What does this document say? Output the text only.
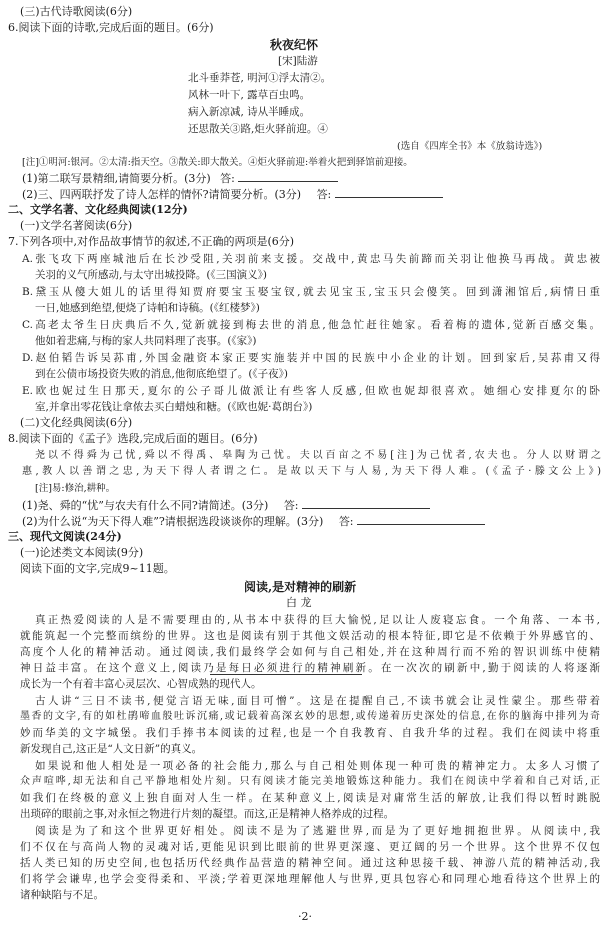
(三)古代诗歌阅读(6分)
6.阅读下面的诗歌,完成后面的题目。(6分)
秋夜纪怀
[宋]陆游
北斗垂莽苍, 明河①浮太清②。
风林一叶下, 露草百虫鸣。
病入新凉减, 诗从半睡成。
还思散关③路,炬火驿前迎。④
(选自《四库全书》本《放翁诗选》)
[注]①明河:银河。②太清:指天空。③散关:即大散关。④炬火驿前迎:举着火把到驿馆前迎接。
(1)第二联写景精细,请简要分析。(3分) 答:
(2)三、四两联抒发了诗人怎样的情怀?请简要分析。(3分) 答:
二、文学名著、文化经典阅读(12分)
(一)文学名著阅读(6分)
7.下列各项中,对作品故事情节的叙述,不正确的两项是(6分)
A.张飞攻下两座城池后在长沙受阻,关羽前来支援。交战中,黄忠马失前蹄而关羽让他换马再战。黄忠被
关羽的义气所感动,与太守出城投降。(《三国演义》)
B.黛玉从傻大姐儿的话里得知贾府要宝玉娶宝钗,就去见宝玉,宝玉只会傻笑。回到潇湘馆后,病情日重
一日,她感到绝望,便烧了诗帕和诗稿。(《红楼梦》)
C.高老太爷生日庆典后不久,觉新就接到梅去世的消息,他急忙赶往她家。看着梅的遗体,觉新百感交集。
他如着悲痛,与梅的家人共同料理了丧事。(《家》)
D.赵伯韬告诉吴荪甫,外国金融资本家正要实施装并中国的民族中小企业的计划。回到家后,吴荪甫又得
到在公债市场投资失败的消息,他彻底绝望了。(《子夜》)
E.欧也妮过生日那天,夏尔的公子哥儿做派让有些客人反感,但欧也妮却很喜欢。她细心安排夏尔的卧
室,并拿出零花钱让拿侬去买白蜡烛和糖。(《欧也妮·葛朗台》)
(二)文化经典阅读(6分)
8.阅读下面的《孟子》选段,完成后面的题目。(6分)
尧以不得舜为己忧,舜以不得禹、皋陶为己忧。夫以百亩之不易[注]为己忧者,农夫也。分人以财谓之
惠,教人以善谓之忠,为天下得人者谓之仁。是故以天下与人易,为天下得人难。(《孟子·滕文公上》)
[注]易:修治,耕种。
(1)尧、舜的“忧”与农夫有什么不同?请简述。(3分) 答:
(2)为什么说“为天下得人难”?请根据选段谈谈你的理解。(3分) 答:
三、现代文阅读(24分)
(一)论述类文本阅读(9分)
阅读下面的文字,完成9~11题。
阅读,是对精神的刷新
白 龙
真正热爱阅读的人是不需要理由的,从书本中获得的巨大愉悦,足以让人废寝忘食。一个角落、一本书,
就能筑起一个完整而缤纷的世界。这也是阅读有别于其他文娱活动的根本特征,即它是不依赖于外界感官的、
高度个人化的精神活动。通过阅读,我们最终学会如何与自己相处,并在这种周行而不殆的智识训练中使精
神日益丰富。在这个意义上,阅读乃是每日必须进行的精神刷新。在一次次的刷新中,勤于阅读的人将逐渐
成长为一个有着丰富心灵层次、心智成熟的现代人。
古人讲“三日不读书,便觉言语无味,面目可憎”。这是在提醒自己,不读书就会让灵性蒙尘。那些带着
墨香的文字,有的如杜鹃啼血般吐诉沉痛,或记载着高深玄妙的思想,或传递着历史深处的信息,在你的脑海中排列为奇
妙而华美的文字城堡。我们手捧书本阅读的过程,也是一个自我教育、自我升华的过程。我们在阅读中将重
新发现自己,这正是“人文日新”的真义。
如果说和他人相处是一项必备的社会能力,那么与自己相处则体现一种可贵的精神定力。太多人习惯了
众声喧哗,却无法和自己平静地相处片刻。只有阅读才能完美地锻炼这种能力。我们在阅读中学着和自己对话,正
如我们在终极的意义上独自面对人生一样。在某种意义上,阅读是对庸常生活的解放,让我们得以暂时跳脱
出琐碎的眼前之事,对永恒之物进行片刻的凝望。而这,正是精神人格养成的过程。
阅读是为了和这个世界更好相处。阅读不是为了逃避世界,而是为了更好地拥抱世界。从阅读中,我
们不仅在与高尚人物的灵魂对话,更能见识到比眼前的世界更深邃、更辽阔的另一个世界。这个世界不仅包
括人类已知的历史空间,也包括历代经典作品营造的精神空间。通过这种思接千载、神游八荒的精神活动,我
们将学会谦卑,也学会变得柔和、平淡;学着更深地理解他人与世界,更具包容心和同理心地看待这个世界上的
诸种缺陷与不足。
·2·
